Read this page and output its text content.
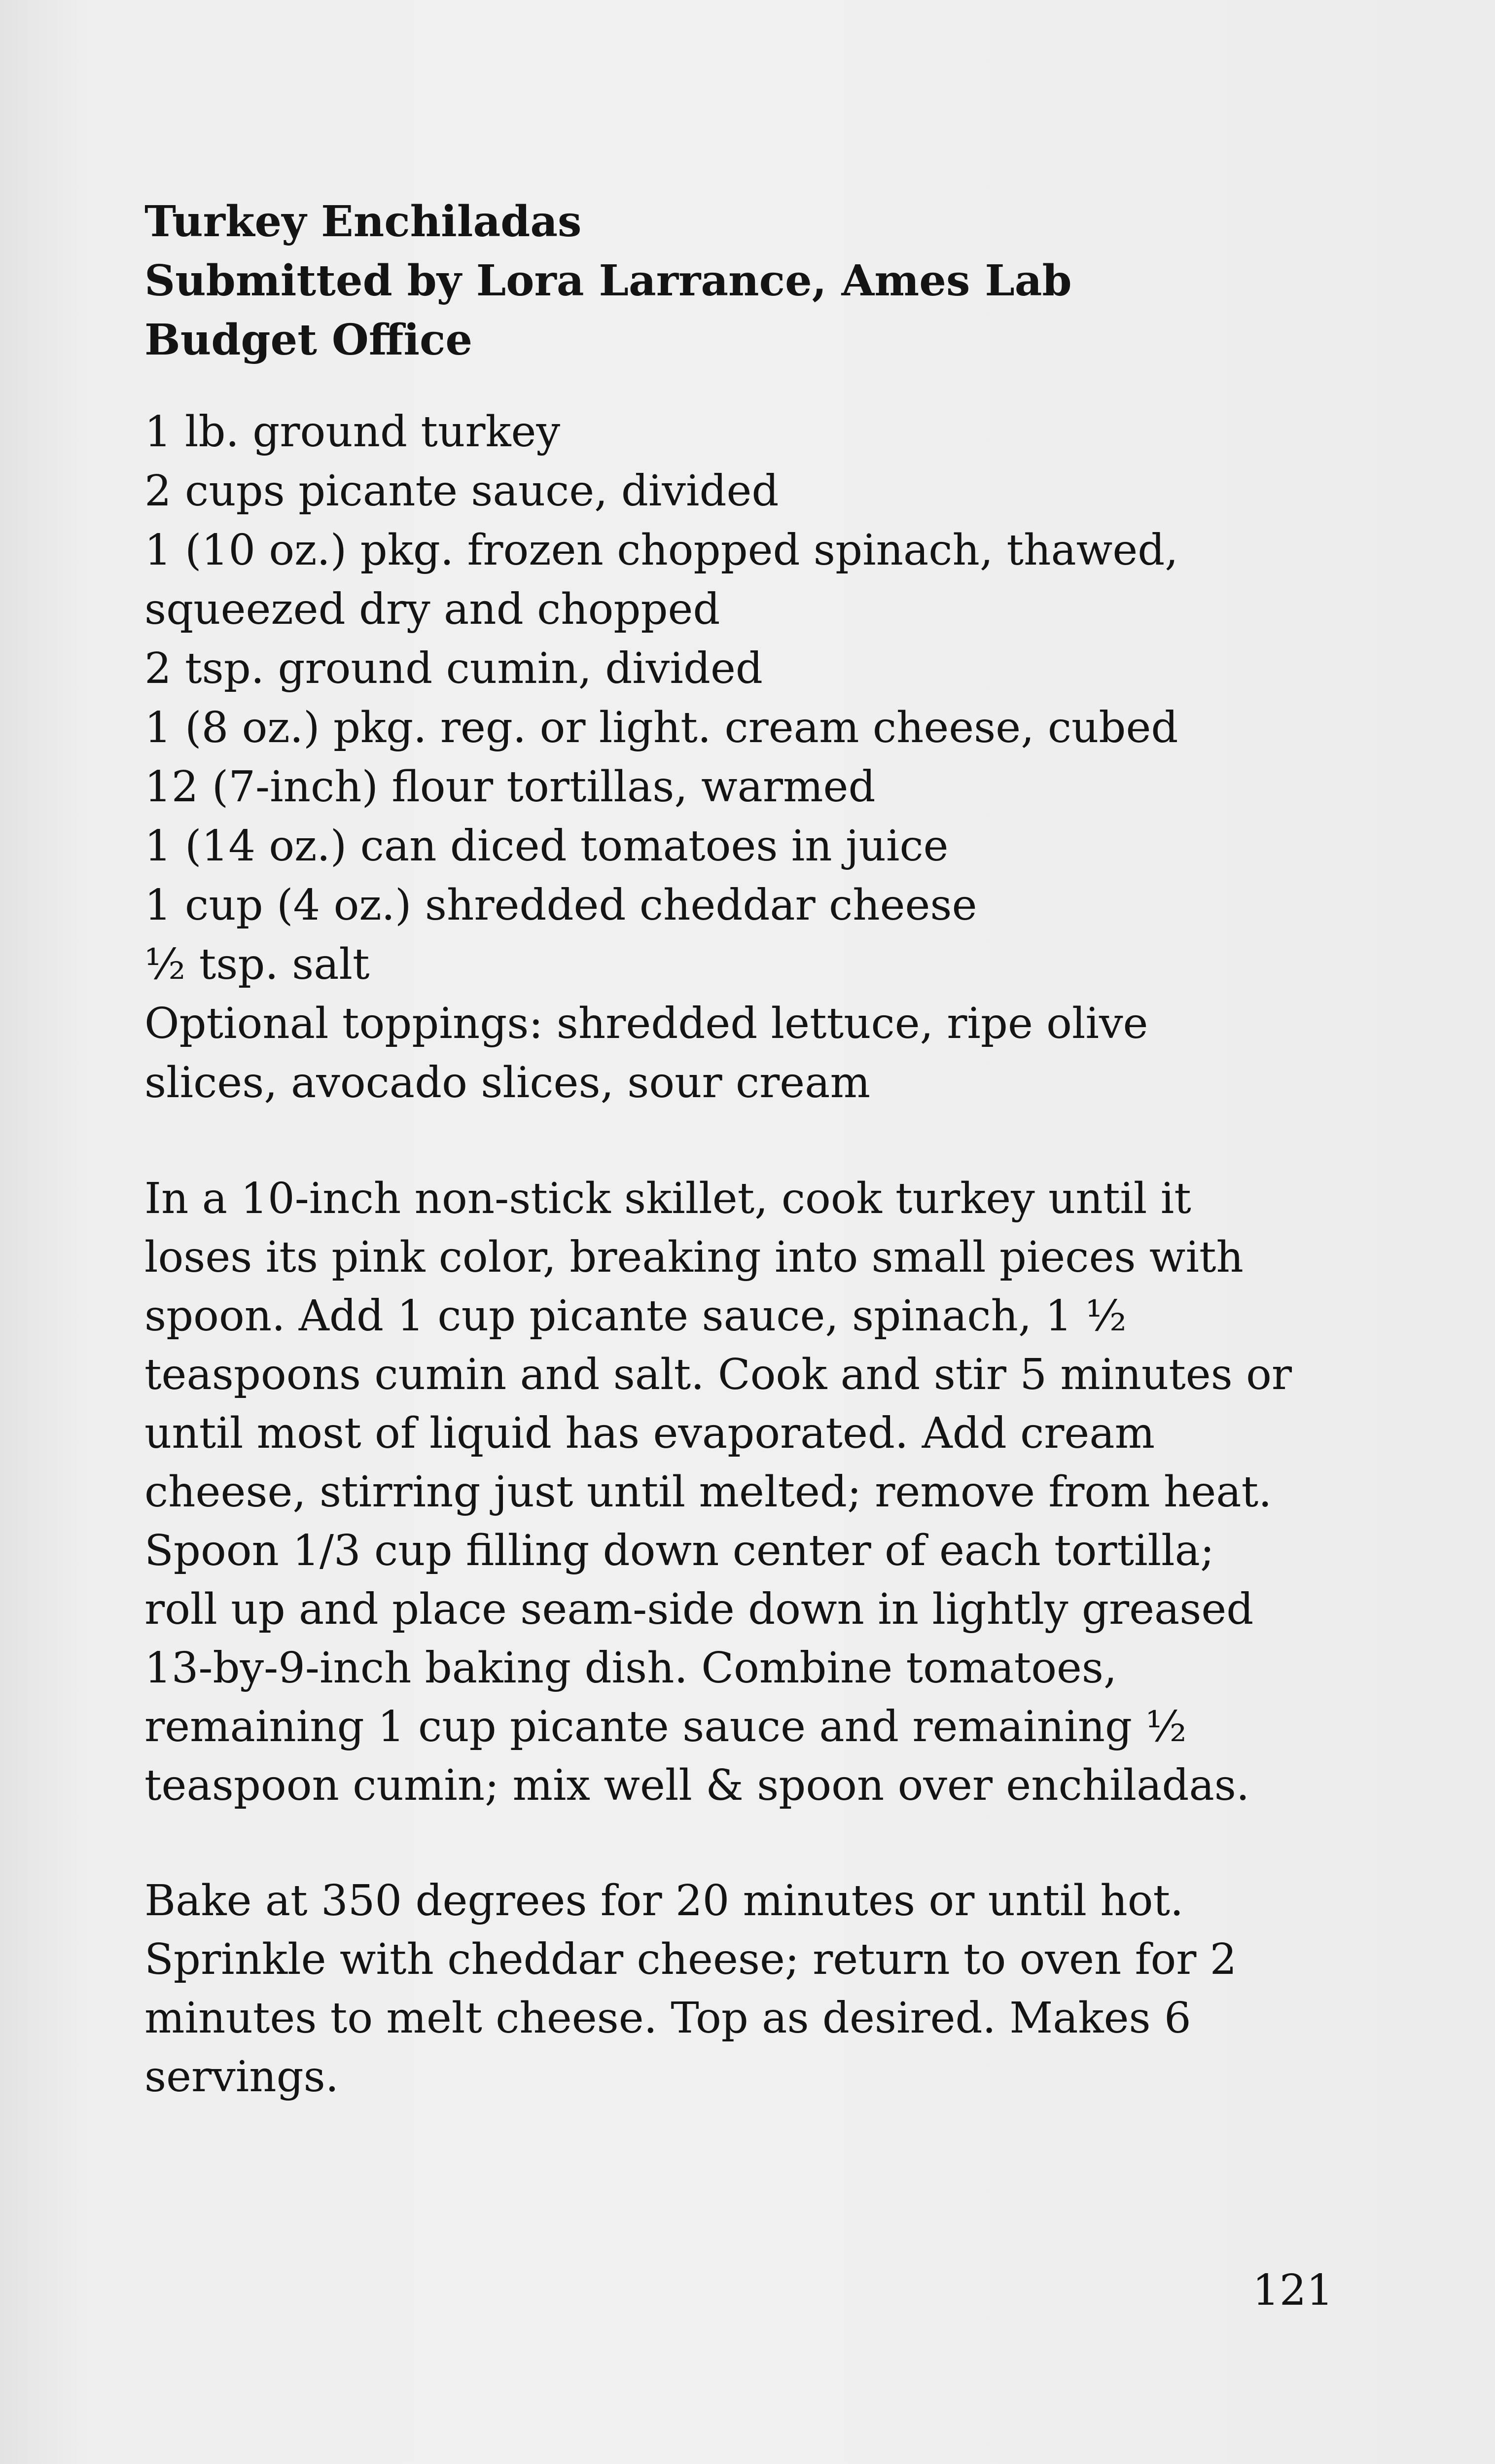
Turkey Enchiladas
Submitted by Lora Larrance, Ames Lab
Budget Office
1 lb. ground turkey
2 cups picante sauce, divided
1 (10 oz.) pkg. frozen chopped spinach, thawed, squeezed dry and chopped
2 tsp. ground cumin, divided
1 (8 oz.) pkg. reg. or light. cream cheese, cubed
12 (7-inch) flour tortillas, warmed
1 (14 oz.) can diced tomatoes in juice
1 cup (4 oz.) shredded cheddar cheese
½ tsp. salt
Optional toppings: shredded lettuce, ripe olive slices, avocado slices, sour cream

In a 10-inch non-stick skillet, cook turkey until it loses its pink color, breaking into small pieces with spoon. Add 1 cup picante sauce, spinach, 1 ½ teaspoons cumin and salt. Cook and stir 5 minutes or until most of liquid has evaporated. Add cream cheese, stirring just until melted; remove from heat. Spoon 1/3 cup filling down center of each tortilla; roll up and place seam-side down in lightly greased 13-by-9-inch baking dish. Combine tomatoes, remaining 1 cup picante sauce and remaining ½ teaspoon cumin; mix well & spoon over enchiladas.

Bake at 350 degrees for 20 minutes or until hot. Sprinkle with cheddar cheese; return to oven for 2 minutes to melt cheese. Top as desired. Makes 6 servings.

121
